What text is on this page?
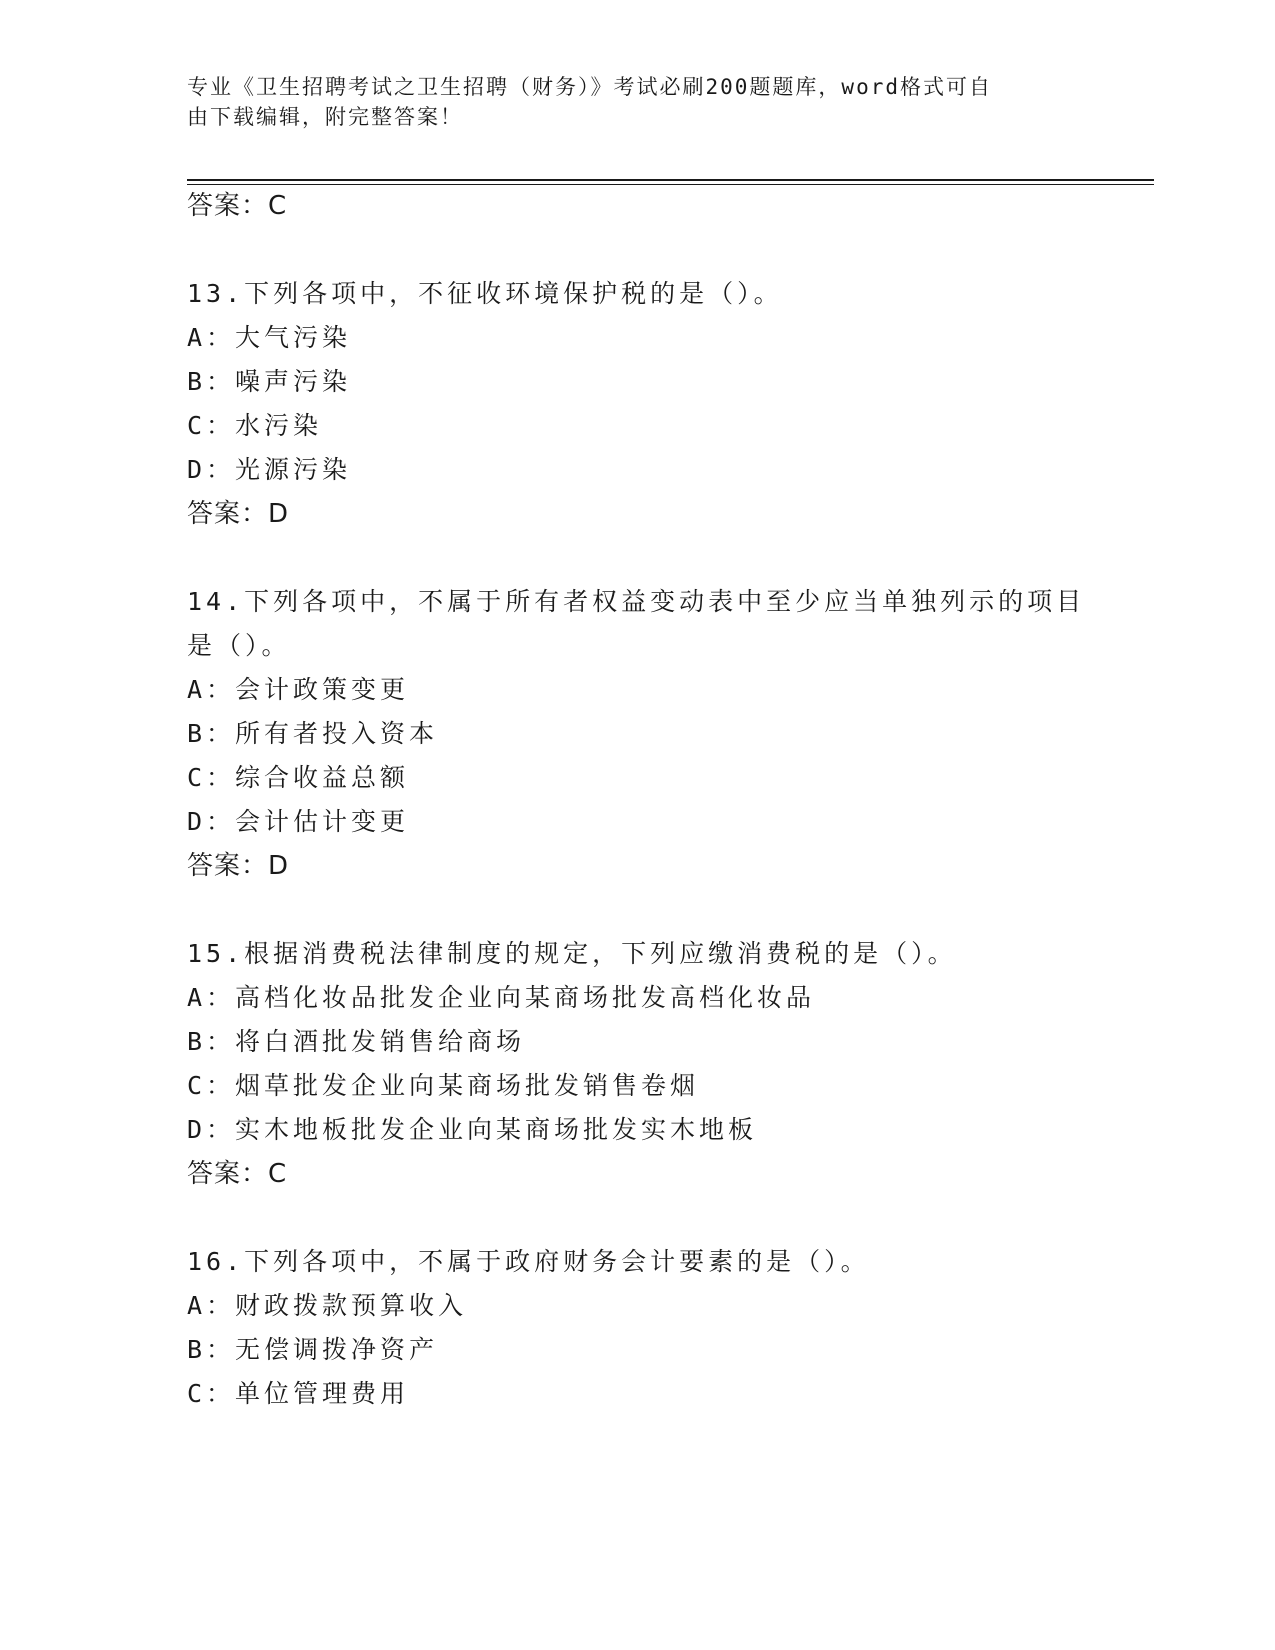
专业《卫生招聘考试之卫生招聘（财务）》考试必刷200题题库，word格式可自
由下载编辑，附完整答案！
答案：C
13.下列各项中，不征收环境保护税的是（）。
A：大气污染
B：噪声污染
C：水污染
D：光源污染
答案：D
14.下列各项中，不属于所有者权益变动表中至少应当单独列示的项目
是（）。
A：会计政策变更
B：所有者投入资本
C：综合收益总额
D：会计估计变更
答案：D
15.根据消费税法律制度的规定，下列应缴消费税的是（）。
A：高档化妆品批发企业向某商场批发高档化妆品
B：将白酒批发销售给商场
C：烟草批发企业向某商场批发销售卷烟
D：实木地板批发企业向某商场批发实木地板
答案：C
16.下列各项中，不属于政府财务会计要素的是（）。
A：财政拨款预算收入
B：无偿调拨净资产
C：单位管理费用
